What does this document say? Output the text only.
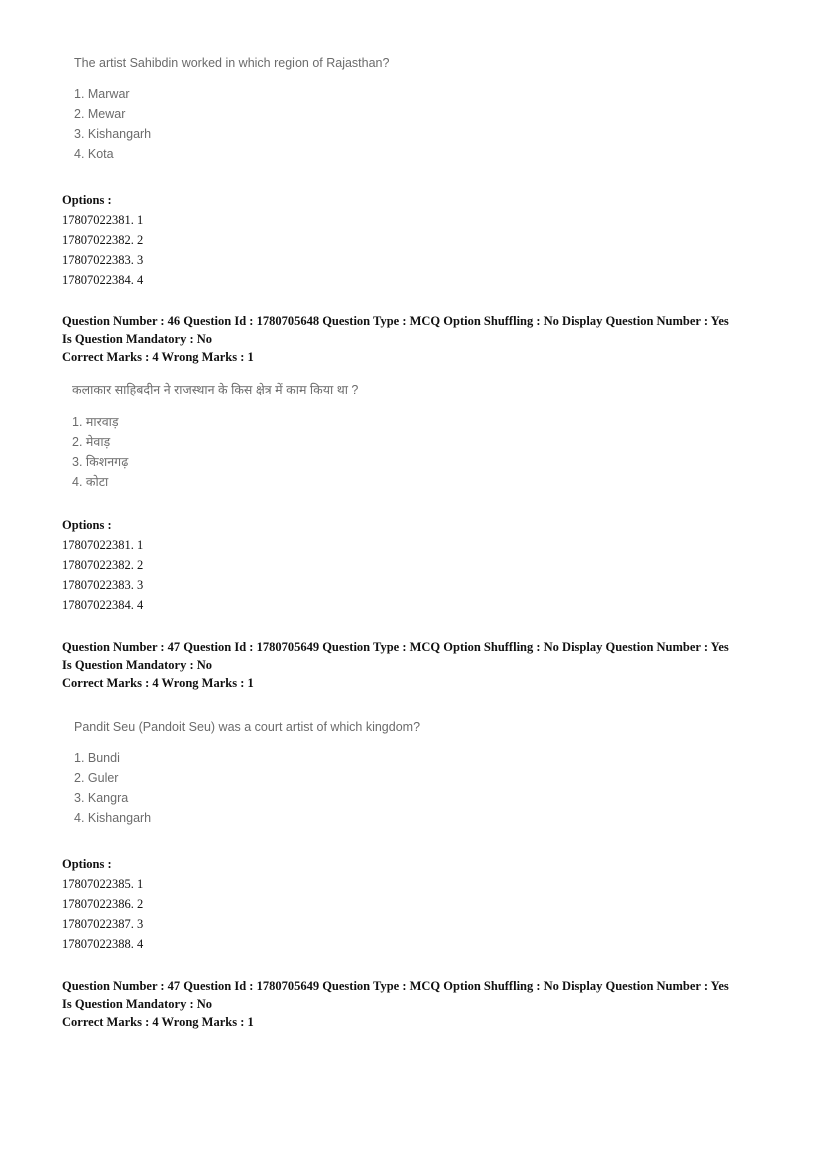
The artist Sahibdin worked in which region of Rajasthan?
1. Marwar
2. Mewar
3. Kishangarh
4. Kota
Options :
17807022381. 1
17807022382. 2
17807022383. 3
17807022384. 4
Question Number : 46 Question Id : 1780705648 Question Type : MCQ Option Shuffling : No Display Question Number : Yes
Is Question Mandatory : No
Correct Marks : 4 Wrong Marks : 1
कलाकार साहिबदीन ने राजस्थान के किस क्षेत्र में काम किया था ?
1. मारवाड़
2. मेवाड़
3. किशनगढ़
4. कोटा
Options :
17807022381. 1
17807022382. 2
17807022383. 3
17807022384. 4
Question Number : 47 Question Id : 1780705649 Question Type : MCQ Option Shuffling : No Display Question Number : Yes
Is Question Mandatory : No
Correct Marks : 4 Wrong Marks : 1
Pandit Seu (Pandoit Seu) was a court artist of which kingdom?
1. Bundi
2. Guler
3. Kangra
4. Kishangarh
Options :
17807022385. 1
17807022386. 2
17807022387. 3
17807022388. 4
Question Number : 47 Question Id : 1780705649 Question Type : MCQ Option Shuffling : No Display Question Number : Yes
Is Question Mandatory : No
Correct Marks : 4 Wrong Marks : 1
